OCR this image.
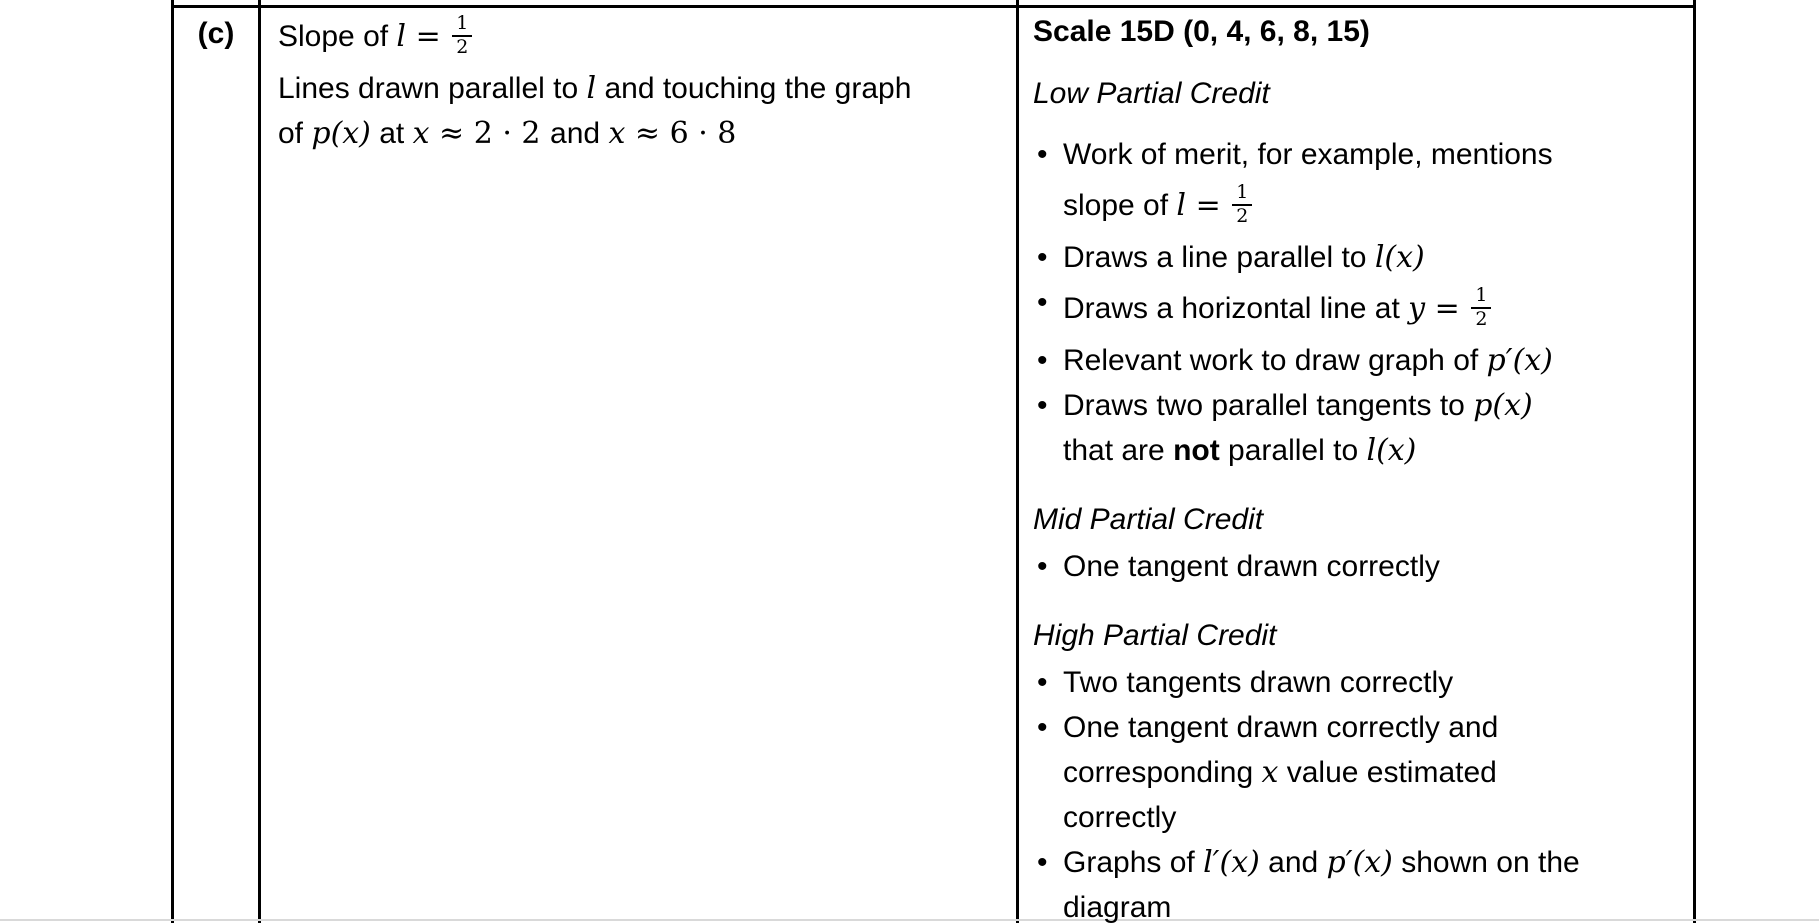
(c)	Slope of $l = \frac{1}{2}$
Lines drawn parallel to l and touching the graph
of p(x) at x ≈ 2 · 2 and x ≈ 6 · 8
Scale 15D (0, 4, 6, 8, 15)
Low Partial Credit
• Work of merit, for example, mentions
slope of $l = \frac{1}{2}$
• Draws a line parallel to l(x)
• Draws a horizontal line at $y = \frac{1}{2}$
• Relevant work to draw graph of p′(x)
• Draws two parallel tangents to p(x)
that are not parallel to l(x)
Mid Partial Credit
• One tangent drawn correctly
High Partial Credit
• Two tangents drawn correctly
• One tangent drawn correctly and
corresponding x value estimated
correctly
• Graphs of l′(x) and p′(x) shown on the
diagram
